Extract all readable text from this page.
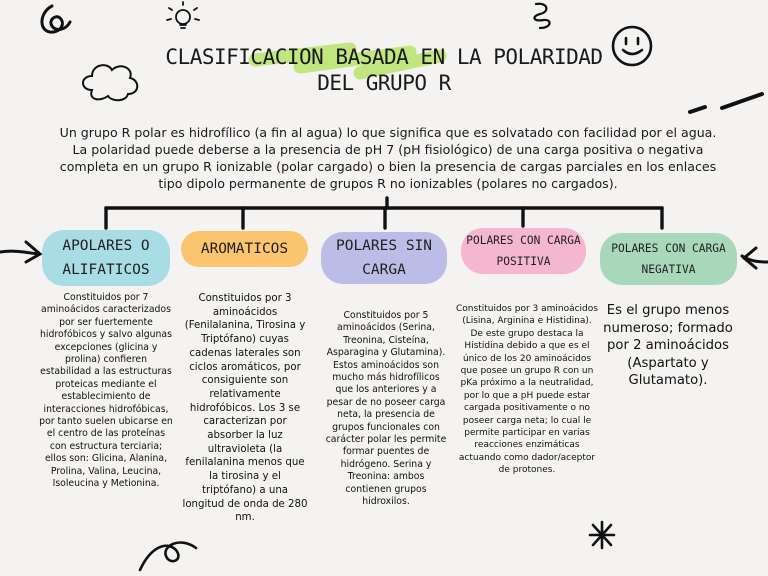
CLASIFICACION BASADA EN LA POLARIDAD
DEL GRUPO R
Un grupo R polar es hidrofílico (a fin al agua) lo que significa que es solvatado con facilidad por el agua. La polaridad puede deberse a la presencia de pH 7 (pH fisiológico) de una carga positiva o negativa completa en un grupo R ionizable (polar cargado) o bien la presencia de cargas parciales en los enlaces tipo dipolo permanente de grupos R no ionizables (polares no cargados).
APOLARES O ALIFATICOS
AROMATICOS	POLARES SIN CARGA
POLARES CON CARGA POSITIVA
POLARES CON CARGA NEGATIVA
Constituidos por 7 aminoácidos caracterizados por ser fuertemente hidrofóbicos y salvo algunas excepciones (glicina y prolina) confieren estabilidad a las estructuras proteicas mediante el establecimiento de interacciones hidrofóbicas, por tanto suelen ubicarse en el centro de las proteínas con estructura terciaria; ellos son: Glicina, Alanina, Prolina, Valina, Leucina, Isoleucina y Metionina.
Constituidos por 3 aminoácidos (Fenilalanina, Tirosina y Triptófano) cuyas cadenas laterales son ciclos aromáticos, por consiguiente son relativamente hidrofóbicos. Los 3 se caracterizan por absorber la luz ultravioleta (la fenilalanina menos que la tirosina y el triptófano) a una longitud de onda de 280 nm.
Constituidos por 5 aminoácidos (Serina, Treonina, Cisteína, Asparagina y Glutamina). Estos aminoácidos son mucho más hidrofílicos que los anteriores y a pesar de no poseer carga neta, la presencia de grupos funcionales con carácter polar les permite formar puentes de hidrógeno. Serina y Treonina: ambos contienen grupos hidroxilos.
Constituidos por 3 aminoácidos (Lisina, Arginina e Histidina). De este grupo destaca la Histidina debido a que es el único de los 20 aminoácidos que posee un grupo R con un pKa próximo a la neutralidad, por lo que a pH puede estar cargada positivamente o no poseer carga neta; lo cual le permite participar en varias reacciones enzimáticas actuando como dador/aceptor de protones.
Es el grupo menos numeroso; formado por 2 aminoácidos (Aspartato y Glutamato).
